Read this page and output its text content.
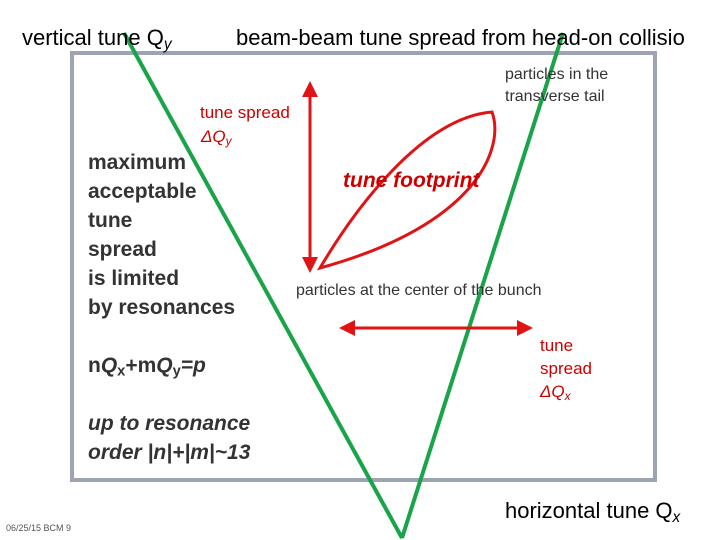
vertical tune $Q_y$	beam-beam tune spread from head-on collisio
particles in the
transverse tail
tune spread
$\Delta Q_y$
maximum
acceptable
tune
spread
is limited
by resonances
tune footprint
particles at the center of the bunch
$nQ_x+mQ_y=p$
up to resonance
order |n|+|m|~13
tune
spread
$\Delta Q_x$
horizontal tune $Q_x$
06/25/15 BCM 9
